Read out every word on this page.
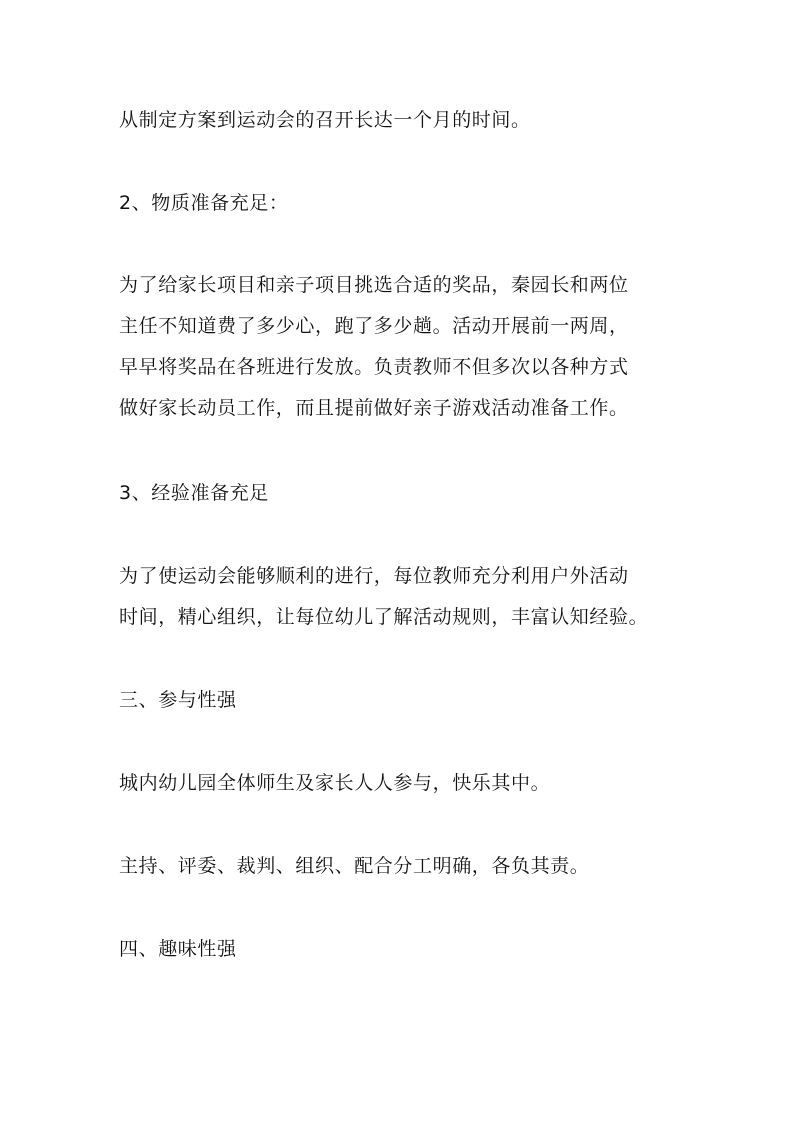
从制定方案到运动会的召开长达一个月的时间。
2、物质准备充足：
为了给家长项目和亲子项目挑选合适的奖品，秦园长和两位
主任不知道费了多少心，跑了多少趟。活动开展前一两周，
早早将奖品在各班进行发放。负责教师不但多次以各种方式
做好家长动员工作，而且提前做好亲子游戏活动准备工作。
3、经验准备充足
为了使运动会能够顺利的进行，每位教师充分利用户外活动
时间，精心组织，让每位幼儿了解活动规则，丰富认知经验。
三、参与性强
城内幼儿园全体师生及家长人人参与，快乐其中。
主持、评委、裁判、组织、配合分工明确，各负其责。
四、趣味性强
